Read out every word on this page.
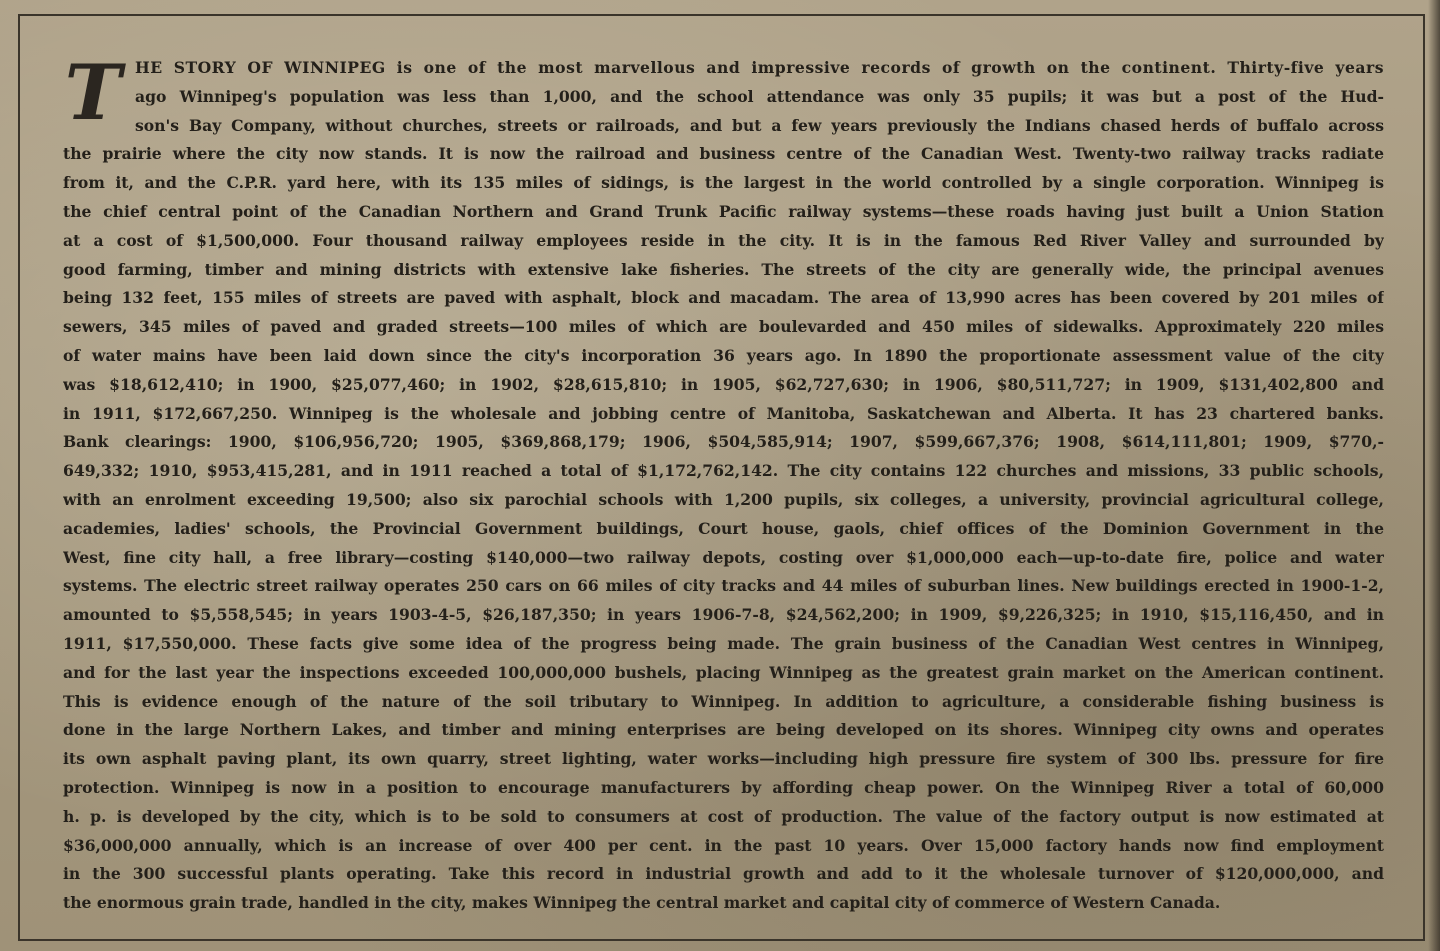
T HE STORY OF WINNIPEG is one of the most marvellous and impressive records of growth on the continent. Thirty-five years
ago Winnipeg's population was less than 1,000, and the school attendance was only 35 pupils; it was but a post of the Hud-
son's Bay Company, without churches, streets or railroads, and but a few years previously the Indians chased herds of buffalo across
the prairie where the city now stands. It is now the railroad and business centre of the Canadian West. Twenty-two railway tracks radiate
from it, and the C.P.R. yard here, with its 135 miles of sidings, is the largest in the world controlled by a single corporation. Winnipeg is
the chief central point of the Canadian Northern and Grand Trunk Pacific railway systems—these roads having just built a Union Station
at a cost of $1,500,000. Four thousand railway employees reside in the city. It is in the famous Red River Valley and surrounded by
good farming, timber and mining districts with extensive lake fisheries. The streets of the city are generally wide, the principal avenues
being 132 feet, 155 miles of streets are paved with asphalt, block and macadam. The area of 13,990 acres has been covered by 201 miles of
sewers, 345 miles of paved and graded streets—100 miles of which are boulevarded and 450 miles of sidewalks. Approximately 220 miles
of water mains have been laid down since the city's incorporation 36 years ago. In 1890 the proportionate assessment value of the city
was $18,612,410; in 1900, $25,077,460; in 1902, $28,615,810; in 1905, $62,727,630; in 1906, $80,511,727; in 1909, $131,402,800 and
in 1911, $172,667,250. Winnipeg is the wholesale and jobbing centre of Manitoba, Saskatchewan and Alberta. It has 23 chartered banks.
Bank clearings: 1900, $106,956,720; 1905, $369,868,179; 1906, $504,585,914; 1907, $599,667,376; 1908, $614,111,801; 1909, $770,-
649,332; 1910, $953,415,281, and in 1911 reached a total of $1,172,762,142. The city contains 122 churches and missions, 33 public schools,
with an enrolment exceeding 19,500; also six parochial schools with 1,200 pupils, six colleges, a university, provincial agricultural college,
academies, ladies' schools, the Provincial Government buildings, Court house, gaols, chief offices of the Dominion Government in the
West, fine city hall, a free library—costing $140,000—two railway depots, costing over $1,000,000 each—up-to-date fire, police and water
systems. The electric street railway operates 250 cars on 66 miles of city tracks and 44 miles of suburban lines. New buildings erected in 1900-1-2,
amounted to $5,558,545; in years 1903-4-5, $26,187,350; in years 1906-7-8, $24,562,200; in 1909, $9,226,325; in 1910, $15,116,450, and in
1911, $17,550,000. These facts give some idea of the progress being made. The grain business of the Canadian West centres in Winnipeg,
and for the last year the inspections exceeded 100,000,000 bushels, placing Winnipeg as the greatest grain market on the American continent.
This is evidence enough of the nature of the soil tributary to Winnipeg. In addition to agriculture, a considerable fishing business is
done in the large Northern Lakes, and timber and mining enterprises are being developed on its shores. Winnipeg city owns and operates
its own asphalt paving plant, its own quarry, street lighting, water works—including high pressure fire system of 300 lbs. pressure for fire
protection. Winnipeg is now in a position to encourage manufacturers by affording cheap power. On the Winnipeg River a total of 60,000
h. p. is developed by the city, which is to be sold to consumers at cost of production. The value of the factory output is now estimated at
$36,000,000 annually, which is an increase of over 400 per cent. in the past 10 years. Over 15,000 factory hands now find employment
in the 300 successful plants operating. Take this record in industrial growth and add to it the wholesale turnover of $120,000,000, and
the enormous grain trade, handled in the city, makes Winnipeg the central market and capital city of commerce of Western Canada.
